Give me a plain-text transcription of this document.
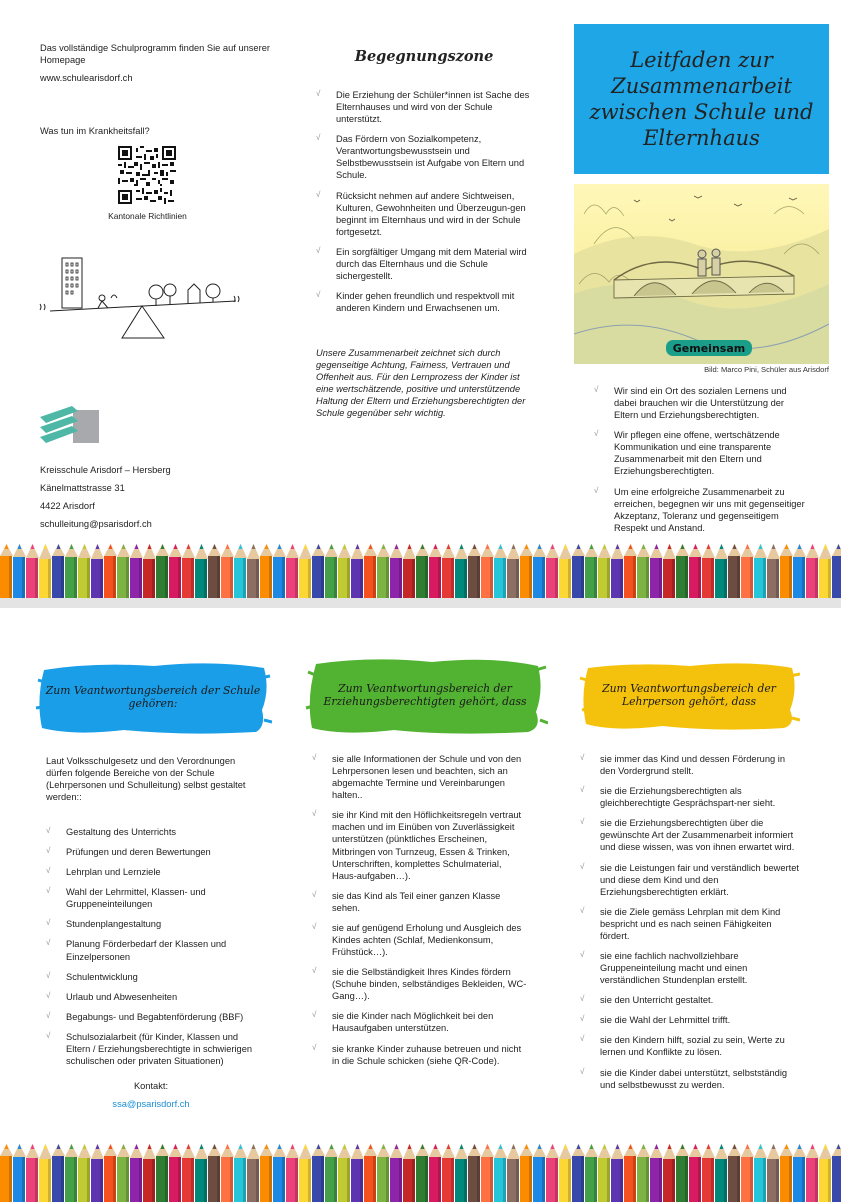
Das vollständige Schulprogramm finden Sie auf unserer Homepage
www.schulearisdorf.ch
Was tun im Krankheitsfall?
Kantonale Richtlinien
Kreisschule Arisdorf – Hersberg
Känelmattstrasse 31
4422 Arisdorf
schulleitung@psarisdorf.ch
Begegnungszone
√ Die Erziehung der Schüler*innen ist Sache des Elternhauses und wird von der Schule unterstützt.
√ Das Fördern von Sozialkompetenz, Verantwortungsbewusstsein und Selbstbewusstsein ist Aufgabe von Eltern und Schule.
√ Rücksicht nehmen auf andere Sichtweisen, Kulturen, Gewohnheiten und Überzeugun-gen beginnt im Elternhaus und wird in der Schule fortgesetzt.
√ Ein sorgfältiger Umgang mit dem Material wird durch das Elternhaus und die Schule sichergestellt.
√ Kinder gehen freundlich und respektvoll mit anderen Kindern und Erwachsenen um.
Unsere Zusammenarbeit zeichnet sich durch gegenseitige Achtung, Fairness, Vertrauen und Offenheit aus. Für den Lernprozess der Kinder ist eine wertschätzende, positive und unterstützende Haltung der Eltern und Erziehungsberechtigten der Schule gegenüber sehr wichtig.
Leitfaden zur Zusammenarbeit zwischen Schule und Elternhaus
Gemeinsam
Bild: Marco Pini, Schüler aus Arisdorf
√ Wir sind ein Ort des sozialen Lernens und dabei brauchen wir die Unterstützung der Eltern und Erziehungsberechtigten.
√ Wir pflegen eine offene, wertschätzende Kommunikation und eine transparente Zusammenarbeit mit den Eltern und Erziehungsberechtigten.
√ Um eine erfolgreiche Zusammenarbeit zu erreichen, begegnen wir uns mit gegenseitiger Akzeptanz, Toleranz und gegenseitigem Respekt und Anstand.
Zum Veantwortungsbereich der Schule gehören:
Laut Volksschulgesetz und den Verordnungen dürfen folgende Bereiche von der Schule (Lehrpersonen und Schulleitung) selbst gestaltet werden::
√ Gestaltung des Unterrichts
√ Prüfungen und deren Bewertungen
√ Lehrplan und Lernziele
√ Wahl der Lehrmittel, Klassen- und Gruppeneinteilungen
√ Stundenplangestaltung
√ Planung Förderbedarf der Klassen und Einzelpersonen
√ Schulentwicklung
√ Urlaub und Abwesenheiten
√ Begabungs- und Begabtenförderung (BBF)
√ Schulsozialarbeit (für Kinder, Klassen und Eltern / Erziehungsberechtigte in schwierigen schulischen oder privaten Situationen)
Kontakt:
ssa@psarisdorf.ch
Zum Veantwortungsbereich der Erziehungsberechtigten gehört, dass
√ sie alle Informationen der Schule und von den Lehrpersonen lesen und beachten, sich an abgemachte Termine und Vereinbarungen halten..
√ sie ihr Kind mit den Höflichkeitsregeln vertraut machen und im Einüben von Zuverlässigkeit unterstützen (pünktliches Erscheinen, Mitbringen von Turnzeug, Essen & Trinken, Unterschriften, komplettes Schulmaterial, Haus-aufgaben…).
√ sie das Kind als Teil einer ganzen Klasse sehen.
√ sie auf genügend Erholung und Ausgleich des Kindes achten (Schlaf, Medienkonsum, Frühstück…).
√ sie die Selbständigkeit Ihres Kindes fördern (Schuhe binden, selbständiges Bekleiden, WC-Gang…).
√ sie die Kinder nach Möglichkeit bei den Hausaufgaben unterstützen.
√ sie kranke Kinder zuhause betreuen und nicht in die Schule schicken (siehe QR-Code).
Zum Veantwortungsbereich der Lehrperson gehört, dass
√ sie immer das Kind und dessen Förderung in den Vordergrund stellt.
√ sie die Erziehungsberechtigten als gleichberechtigte Gesprächspart-ner sieht.
√ sie die Erziehungsberechtigten über die gewünschte Art der Zusammenarbeit informiert und diese wissen, was von ihnen erwartet wird.
√ sie die Leistungen fair und verständlich bewertet und diese dem Kind und den Erziehungsberechtigten erklärt.
√ sie die Ziele gemäss Lehrplan mit dem Kind bespricht und es nach seinen Fähigkeiten fördert.
√ sie eine fachlich nachvollziehbare Gruppeneinteilung macht und einen verständlichen Stundenplan erstellt.
√ sie den Unterricht gestaltet.
√ sie die Wahl der Lehrmittel trifft.
√ sie den Kindern hilft, sozial zu sein, Werte zu lernen und Konflikte zu lösen.
√ sie die Kinder dabei unterstützt, selbstständig und selbstbewusst zu werden.
